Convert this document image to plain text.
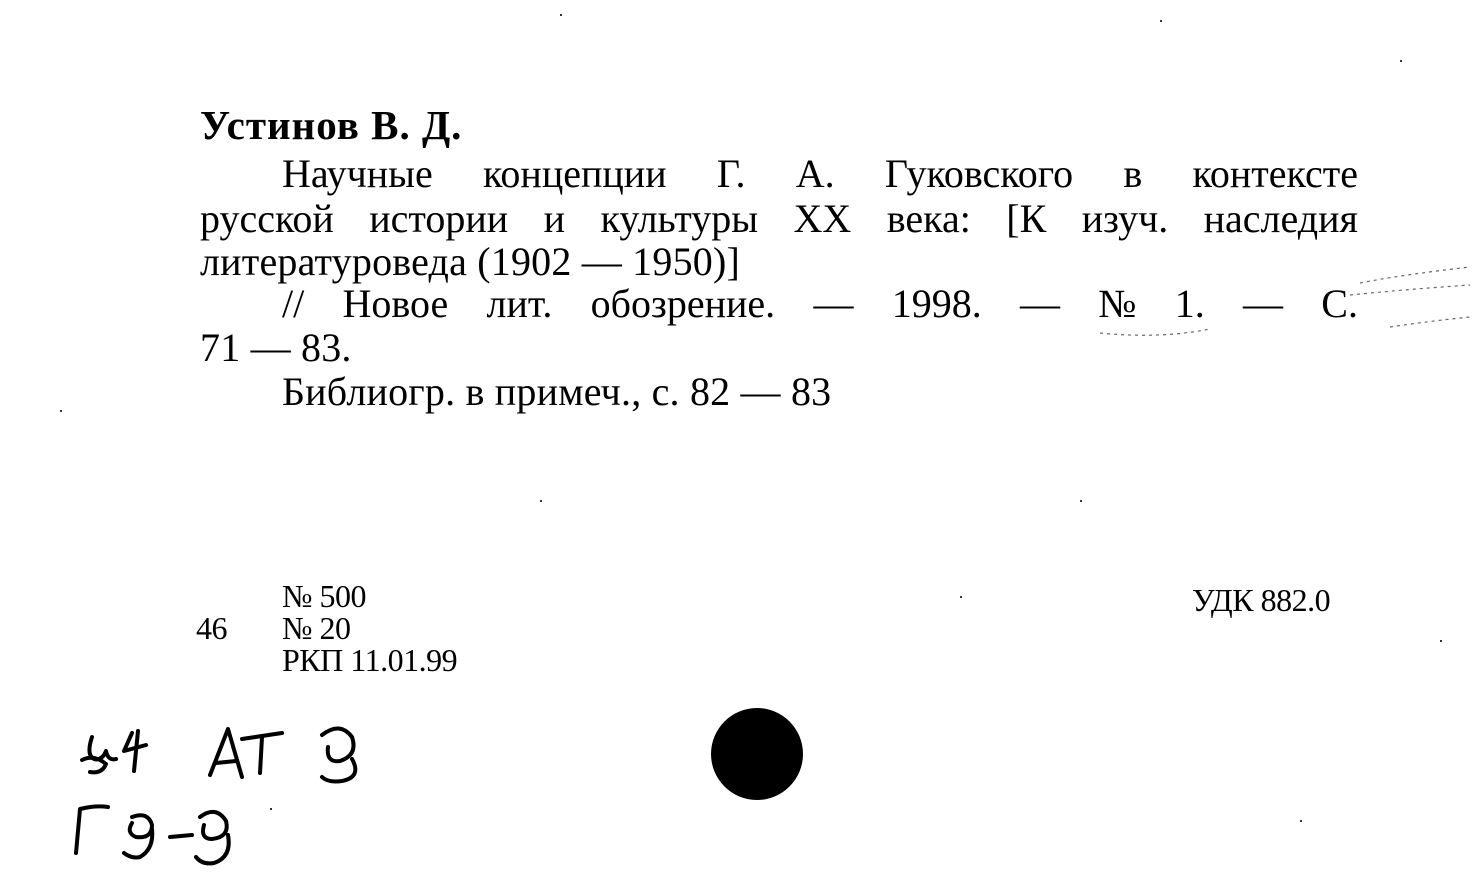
Устинов В. Д.

Научные концепции Г. А. Гуковского в контексте

русской истории и культуры XX века: [К изуч. наследия

литературоведа (1902 — 1950)]

// Новое лит. обозрение. — 1998. — № 1. — С.

71 — 83.

Библиогр. в примеч., с. 82 — 83

№ 500

46 № 20

РКП 11.01.99

УДК 882.0
